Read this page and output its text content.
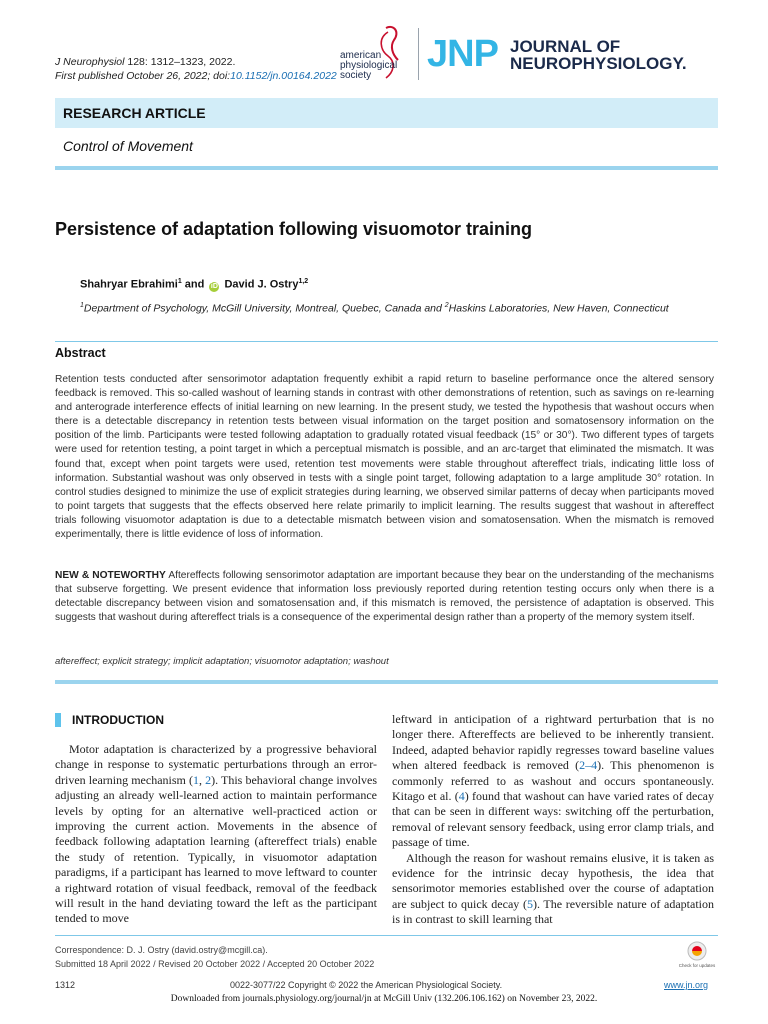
J Neurophysiol 128: 1312–1323, 2022.
First published October 26, 2022; doi:10.1152/jn.00164.2022
american
physiological
society
JNP JOURNAL OF
NEUROPHYSIOLOGY.
RESEARCH ARTICLE
Control of Movement
Persistence of adaptation following visuomotor training
Shahryar Ebrahimi$^1$ and iD David J. Ostry$^{1,2}$
$^1$Department of Psychology, McGill University, Montreal, Quebec, Canada and $^2$Haskins Laboratories, New Haven, Connecticut
Abstract
Retention tests conducted after sensorimotor adaptation frequently exhibit a rapid return to baseline performance once the altered sensory feedback is removed. This so-called washout of learning stands in contrast with other demonstrations of retention, such as savings on re-learning and anterograde interference effects of initial learning on new learning. In the present study, we tested the hypothesis that washout occurs when there is a detectable discrepancy in retention tests between visual information on the target position and somatosensory information on the position of the limb. Participants were tested following adaptation to gradually rotated visual feedback (15° or 30°). Two different types of targets were used for retention testing, a point target in which a perceptual mismatch is possible, and an arc-target that eliminated the mismatch. It was found that, except when point targets were used, retention test movements were stable throughout aftereffect trials, indicating little loss of information. Substantial washout was only observed in tests with a single point target, following adaptation to a large amplitude 30° rotation. In control studies designed to minimize the use of explicit strategies during learning, we observed similar patterns of decay when participants moved to point targets that suggests that the effects observed here relate primarily to implicit learning. The results suggest that washout in aftereffect trials following visuomotor adaptation is due to a detectable mismatch between vision and somatosensation. When the mismatch is removed experimentally, there is little evidence of loss of information.
NEW & NOTEWORTHY Aftereffects following sensorimotor adaptation are important because they bear on the understanding of the mechanisms that subserve forgetting. We present evidence that information loss previously reported during retention testing occurs only when there is a detectable discrepancy between vision and somatosensation and, if this mismatch is removed, the persistence of adaptation is observed. This suggests that washout during aftereffect trials is a consequence of the experimental design rather than a property of the memory system itself.
aftereffect; explicit strategy; implicit adaptation; visuomotor adaptation; washout
INTRODUCTION
Motor adaptation is characterized by a progressive behavioral change in response to systematic perturbations through an error-driven learning mechanism (1, 2). This behavioral change involves adjusting an already well-learned action to maintain performance levels by opting for an alternative well-practiced action or improving the current action. Movements in the absence of feedback following adaptation learning (aftereffect trials) enable the study of retention. Typically, in visuomotor adaptation paradigms, if a participant has learned to move leftward to counter a rightward rotation of visual feedback, removal of the feedback will result in the hand deviating toward the left as the participant tended to move
leftward in anticipation of a rightward perturbation that is no longer there. Aftereffects are believed to be inherently transient. Indeed, adapted behavior rapidly regresses toward baseline values when altered feedback is removed (2–4). This phenomenon is commonly referred to as washout and occurs spontaneously. Kitago et al. (4) found that washout can have varied rates of decay that can be seen in different ways: switching off the perturbation, removal of relevant sensory feedback, using error clamp trials, and passage of time.
Although the reason for washout remains elusive, it is taken as evidence for the intrinsic decay hypothesis, the idea that sensorimotor memories established over the course of adaptation are subject to quick decay (5). The reversible nature of adaptation is in contrast to skill learning that
Correspondence: D. J. Ostry (david.ostry@mcgill.ca).
Submitted 18 April 2022 / Revised 20 October 2022 / Accepted 20 October 2022	Check for updates
1312	0022-3077/22 Copyright © 2022 the American Physiological Society.	www.jn.org
Downloaded from journals.physiology.org/journal/jn at McGill Univ (132.206.106.162) on November 23, 2022.
